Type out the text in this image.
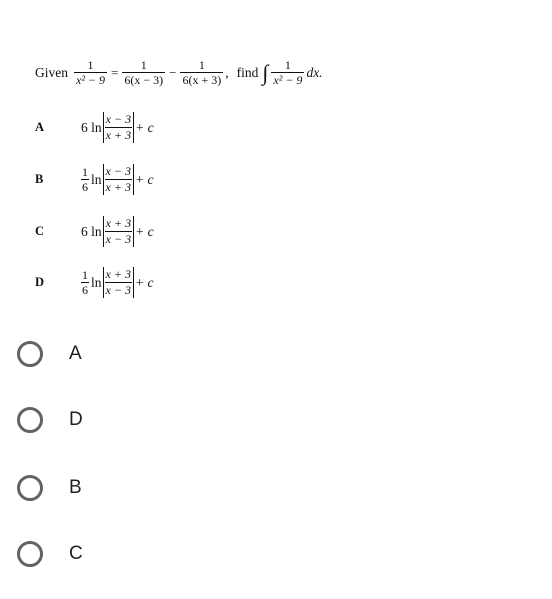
Given $\frac{1}{\text{x² − 9}} = \frac{1}{6(x - 3)} - \frac{1}{6(x + 3)}$ , find ∫ $\frac{1}{\text{x² − 9}}$ dx.
A	6 $\ln \frac{x - 3}{x + 3} + c$
B	$\frac{1}{6}$ $\ln \frac{x - 3}{x + 3} + c$
C	6 $\ln \frac{x + 3}{x - 3} + c$
D	$\frac{1}{6}$ $\ln \frac{x + 3}{x - 3} + c$
A
D
B
C
